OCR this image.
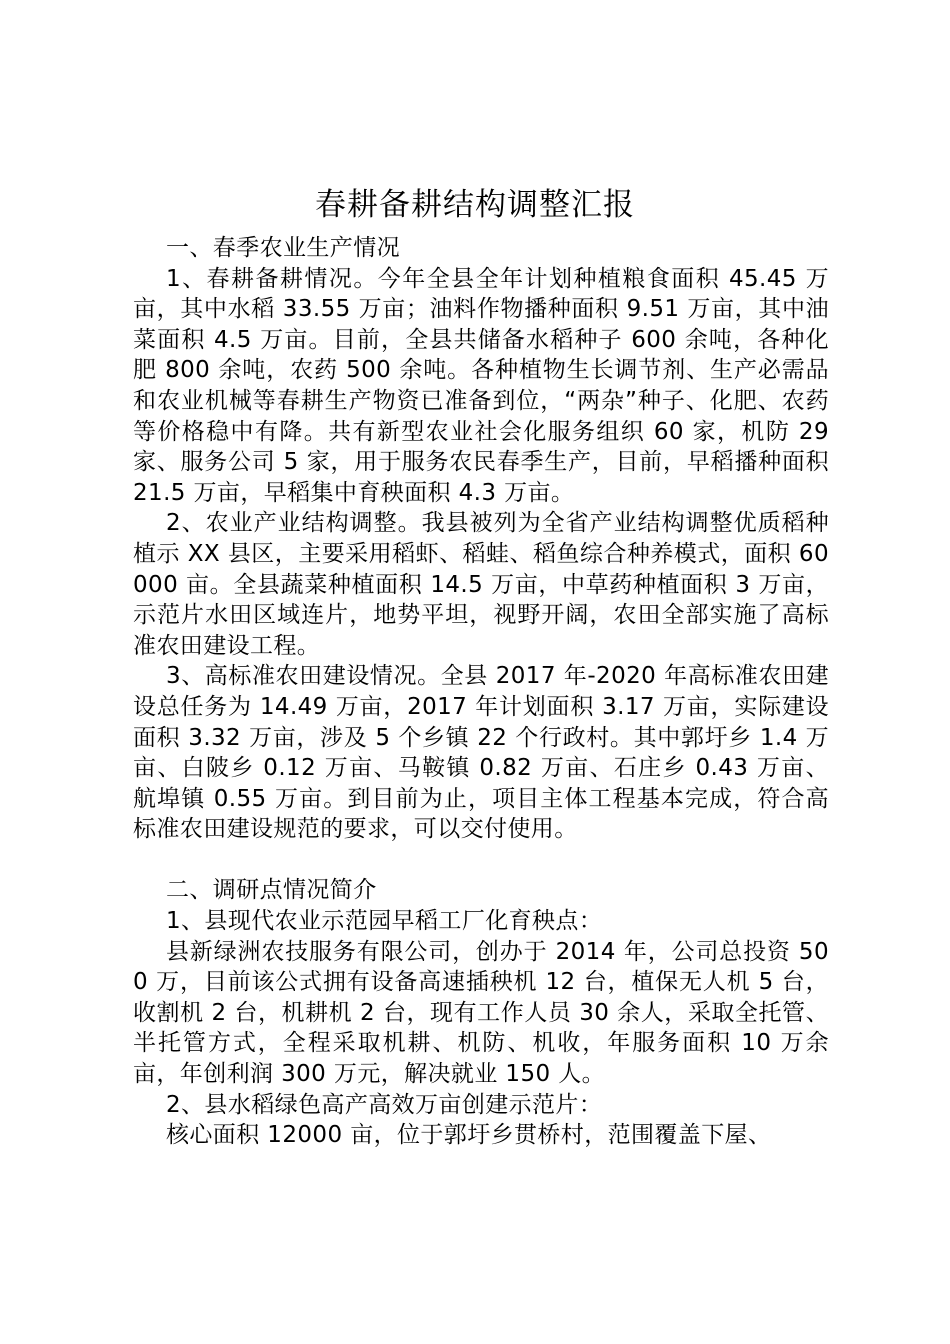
春耕备耕结构调整汇报

一、春季农业生产情况

1、春耕备耕情况。今年全县全年计划种植粮食面积 45.45 万亩，其中水稻 33.55 万亩；油料作物播种面积 9.51 万亩，其中油菜面积 4.5 万亩。目前，全县共储备水稻种子 600 余吨，各种化肥 800 余吨，农药 500 余吨。各种植物生长调节剂、生产必需品和农业机械等春耕生产物资已准备到位，“两杂”种子、化肥、农药等价格稳中有降。共有新型农业社会化服务组织 60 家，机防 29 家、服务公司 5 家，用于服务农民春季生产，目前，早稻播种面积 21.5 万亩，早稻集中育秧面积 4.3 万亩。

2、农业产业结构调整。我县被列为全省产业结构调整优质稻种植示 XX 县区，主要采用稻虾、稻蛙、稻鱼综合种养模式，面积 60000 亩。全县蔬菜种植面积 14.5 万亩，中草药种植面积 3 万亩，示范片水田区域连片，地势平坦，视野开阔，农田全部实施了高标准农田建设工程。

3、高标准农田建设情况。全县 2017 年-2020 年高标准农田建设总任务为 14.49 万亩，2017 年计划面积 3.17 万亩，实际建设面积 3.32 万亩，涉及 5 个乡镇 22 个行政村。其中郭圩乡 1.4 万亩、白陂乡 0.12 万亩、马鞍镇 0.82 万亩、石庄乡 0.43 万亩、航埠镇 0.55 万亩。到目前为止，项目主体工程基本完成，符合高标准农田建设规范的要求，可以交付使用。

二、调研点情况简介

1、县现代农业示范园早稻工厂化育秧点：

县新绿洲农技服务有限公司，创办于 2014 年，公司总投资 500 万，目前该公式拥有设备高速插秧机 12 台，植保无人机 5 台，收割机 2 台，机耕机 2 台，现有工作人员 30 余人，采取全托管、半托管方式，全程采取机耕、机防、机收，年服务面积 10 万余亩，年创利润 300 万元，解决就业 150 人。

2、县水稻绿色高产高效万亩创建示范片：

核心面积 12000 亩，位于郭圩乡贯桥村，范围覆盖下屋、
